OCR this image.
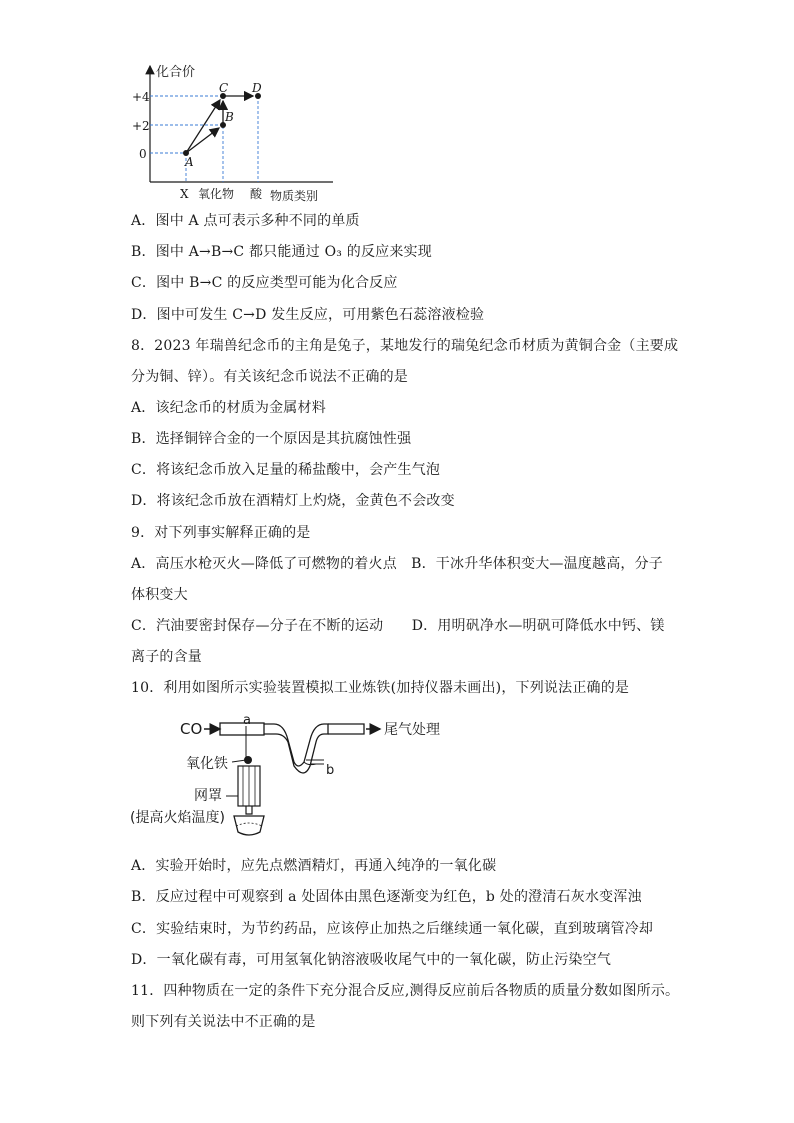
化合价
+4
+2
0
A
B
C D
X 氧化物 酸 物质类别
A．图中 A 点可表示多种不同的单质
B．图中 A→B→C 都只能通过 O₃ 的反应来实现
C．图中 B→C 的反应类型可能为化合反应
D．图中可发生 C→D 发生反应，可用紫色石蕊溶液检验
8．2023 年瑞兽纪念币的主角是兔子，某地发行的瑞兔纪念币材质为黄铜合金（主要成
分为铜、锌）。有关该纪念币说法不正确的是
A．该纪念币的材质为金属材料
B．选择铜锌合金的一个原因是其抗腐蚀性强
C．将该纪念币放入足量的稀盐酸中，会产生气泡
D．将该纪念币放在酒精灯上灼烧，金黄色不会改变
9．对下列事实解释正确的是
A．高压水枪灭火—降低了可燃物的着火点　B．干冰升华体积变大—温度越高，分子
体积变大
C．汽油要密封保存—分子在不断的运动　　D．用明矾净水—明矾可降低水中钙、镁
离子的含量
10．利用如图所示实验装置模拟工业炼铁(加持仪器未画出)，下列说法正确的是
CO	a
尾气处理
b
氧化铁
网罩
(提高火焰温度)
A．实验开始时，应先点燃酒精灯，再通入纯净的一氧化碳
B．反应过程中可观察到 a 处固体由黑色逐渐变为红色，b 处的澄清石灰水变浑浊
C．实验结束时，为节约药品，应该停止加热之后继续通一氧化碳，直到玻璃管冷却
D．一氧化碳有毒，可用氢氧化钠溶液吸收尾气中的一氧化碳，防止污染空气
11．四种物质在一定的条件下充分混合反应,测得反应前后各物质的质量分数如图所示。
则下列有关说法中不正确的是
